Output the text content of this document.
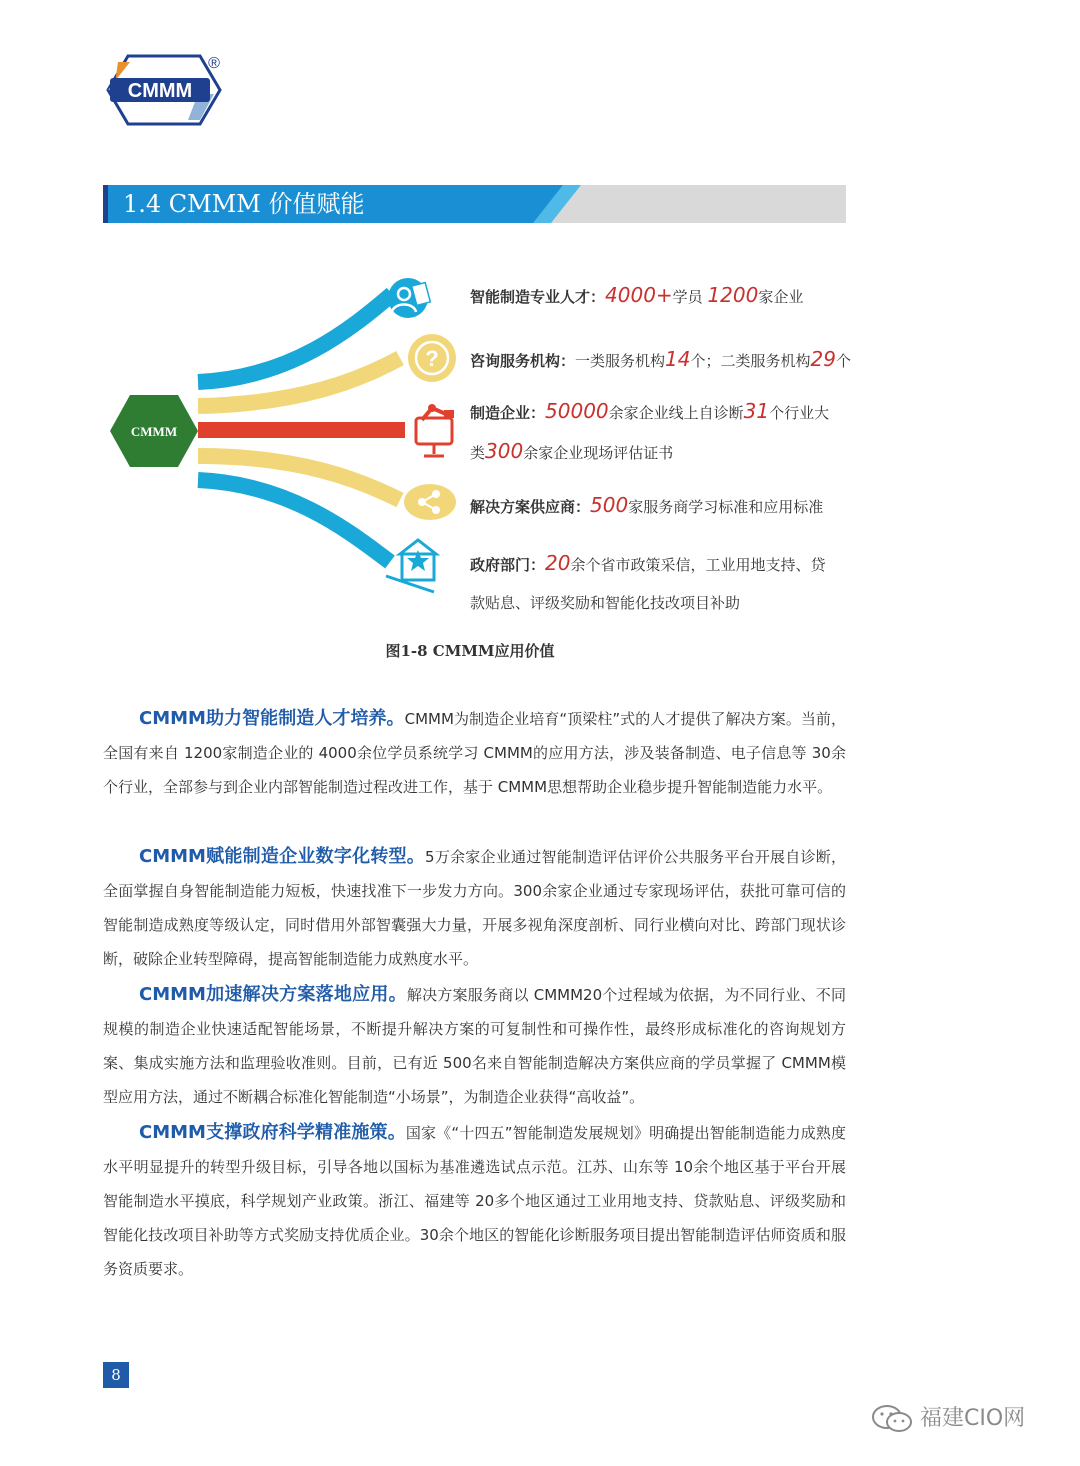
CMMM
®
1.4 CMMM 价值赋能
CMMM
?
智能制造专业人才：4000+学员 1200家企业
咨询服务机构：一类服务机构14个；二类服务机构29个
制造企业：50000余家企业线上自诊断31个行业大
类300余家企业现场评估证书
解决方案供应商：500家服务商学习标准和应用标准
政府部门：20余个省市政策采信，工业用地支持、贷
款贴息、评级奖励和智能化技改项目补助
图1-8 CMMM应用价值
CMMM助力智能制造人才培养。CMMM为制造企业培育“顶梁柱”式的人才提供了解决方案。当前，全国有来自 1200家制造企业的 4000余位学员系统学习 CMMM的应用方法，涉及装备制造、电子信息等 30余个行业，全部参与到企业内部智能制造过程改进工作，基于 CMMM思想帮助企业稳步提升智能制造能力水平。
CMMM赋能制造企业数字化转型。5万余家企业通过智能制造评估评价公共服务平台开展自诊断，全面掌握自身智能制造能力短板，快速找准下一步发力方向。300余家企业通过专家现场评估，获批可靠可信的智能制造成熟度等级认定，同时借用外部智囊强大力量，开展多视角深度剖析、同行业横向对比、跨部门现状诊断，破除企业转型障碍，提高智能制造能力成熟度水平。
CMMM加速解决方案落地应用。解决方案服务商以 CMMM20个过程域为依据，为不同行业、不同规模的制造企业快速适配智能场景，不断提升解决方案的可复制性和可操作性，最终形成标准化的咨询规划方案、集成实施方法和监理验收准则。目前，已有近 500名来自智能制造解决方案供应商的学员掌握了 CMMM模型应用方法，通过不断耦合标准化智能制造“小场景”，为制造企业获得“高收益”。
CMMM支撑政府科学精准施策。国家《“十四五”智能制造发展规划》明确提出智能制造能力成熟度水平明显提升的转型升级目标，引导各地以国标为基准遴选试点示范。江苏、山东等 10余个地区基于平台开展智能制造水平摸底，科学规划产业政策。浙江、福建等 20多个地区通过工业用地支持、贷款贴息、评级奖励和智能化技改项目补助等方式奖励支持优质企业。30余个地区的智能化诊断服务项目提出智能制造评估师资质和服务资质要求。
8
福建CIO网
